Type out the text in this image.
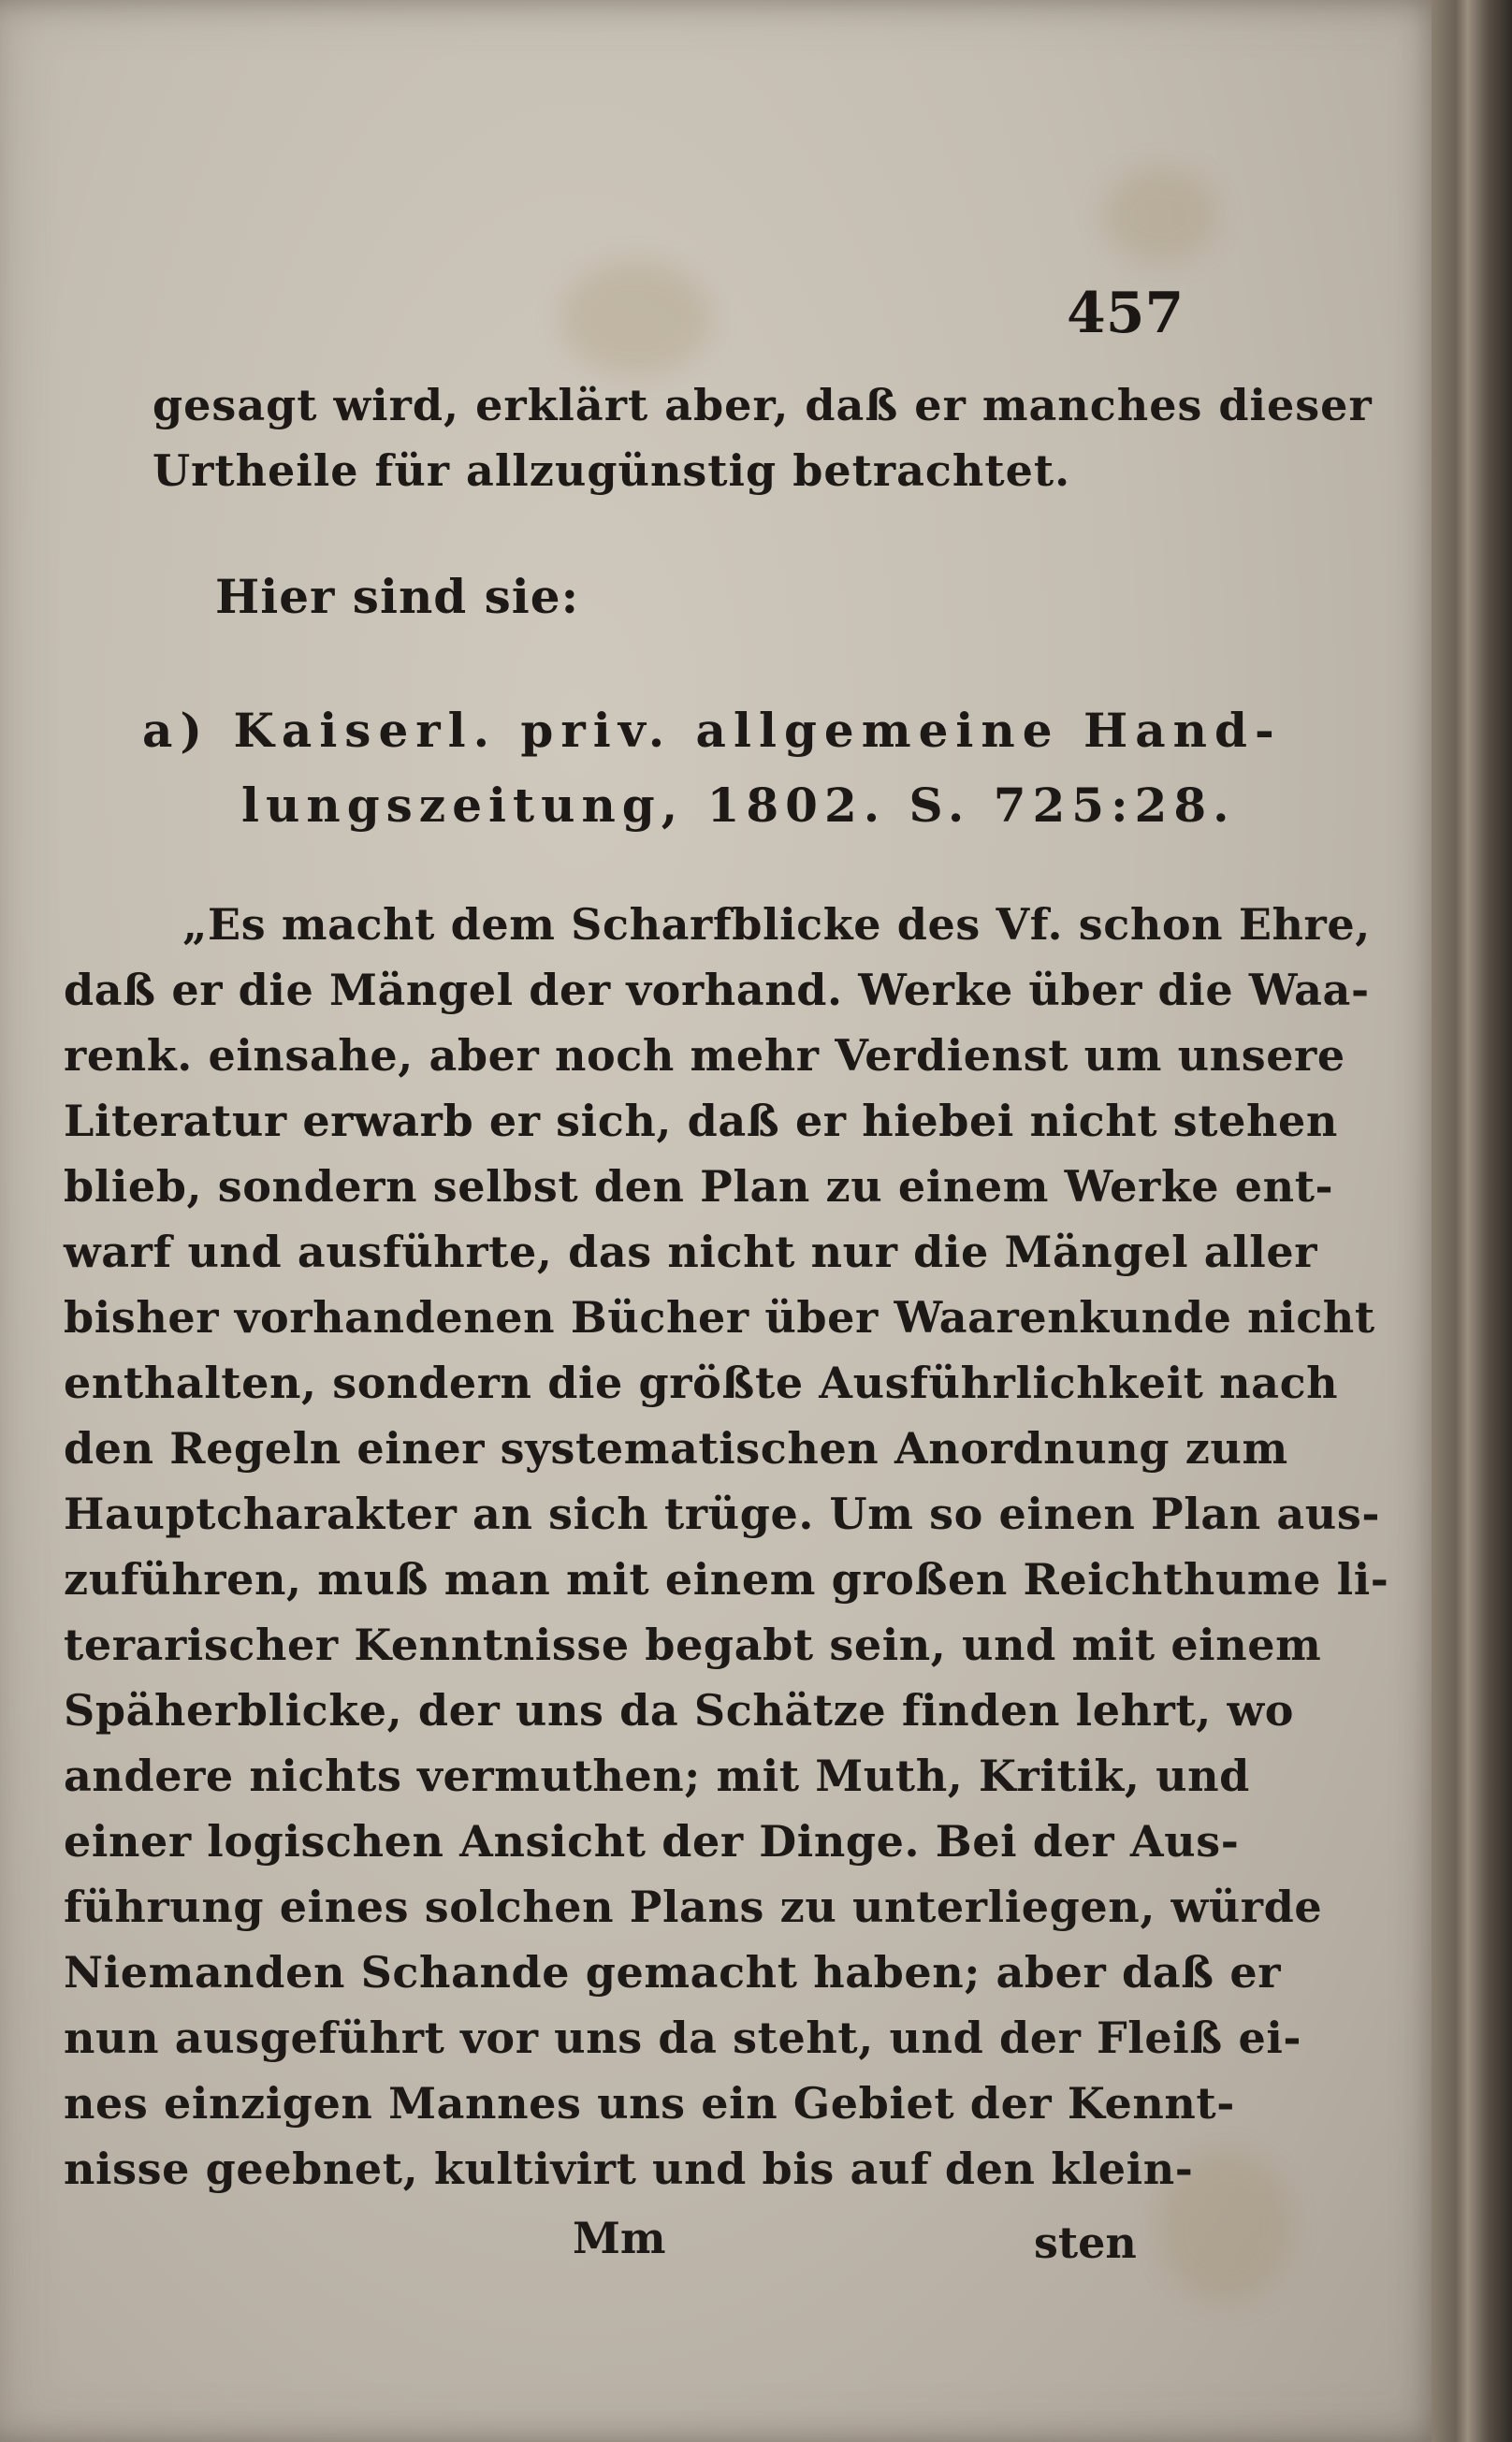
457
gesagt wird, erklärt aber, daß er manches dieser
Urtheile für allzugünstig betrachtet.
Hier sind sie:
a) Kaiserl. priv. allgemeine Hand-
lungszeitung, 1802. S. 725:28.
„Es macht dem Scharfblicke des Vf. schon Ehre,
daß er die Mängel der vorhand. Werke über die Waa-
renk. einsahe, aber noch mehr Verdienst um unsere
Literatur erwarb er sich, daß er hiebei nicht stehen
blieb, sondern selbst den Plan zu einem Werke ent-
warf und ausführte, das nicht nur die Mängel aller
bisher vorhandenen Bücher über Waarenkunde nicht
enthalten, sondern die größte Ausführlichkeit nach
den Regeln einer systematischen Anordnung zum
Hauptcharakter an sich trüge. Um so einen Plan aus-
zuführen, muß man mit einem großen Reichthume li-
terarischer Kenntnisse begabt sein, und mit einem
Späherblicke, der uns da Schätze finden lehrt, wo
andere nichts vermuthen; mit Muth, Kritik, und
einer logischen Ansicht der Dinge. Bei der Aus-
führung eines solchen Plans zu unterliegen, würde
Niemanden Schande gemacht haben; aber daß er
nun ausgeführt vor uns da steht, und der Fleiß ei-
nes einzigen Mannes uns ein Gebiet der Kennt-
nisse geebnet, kultivirt und bis auf den klein-
Mm	sten
